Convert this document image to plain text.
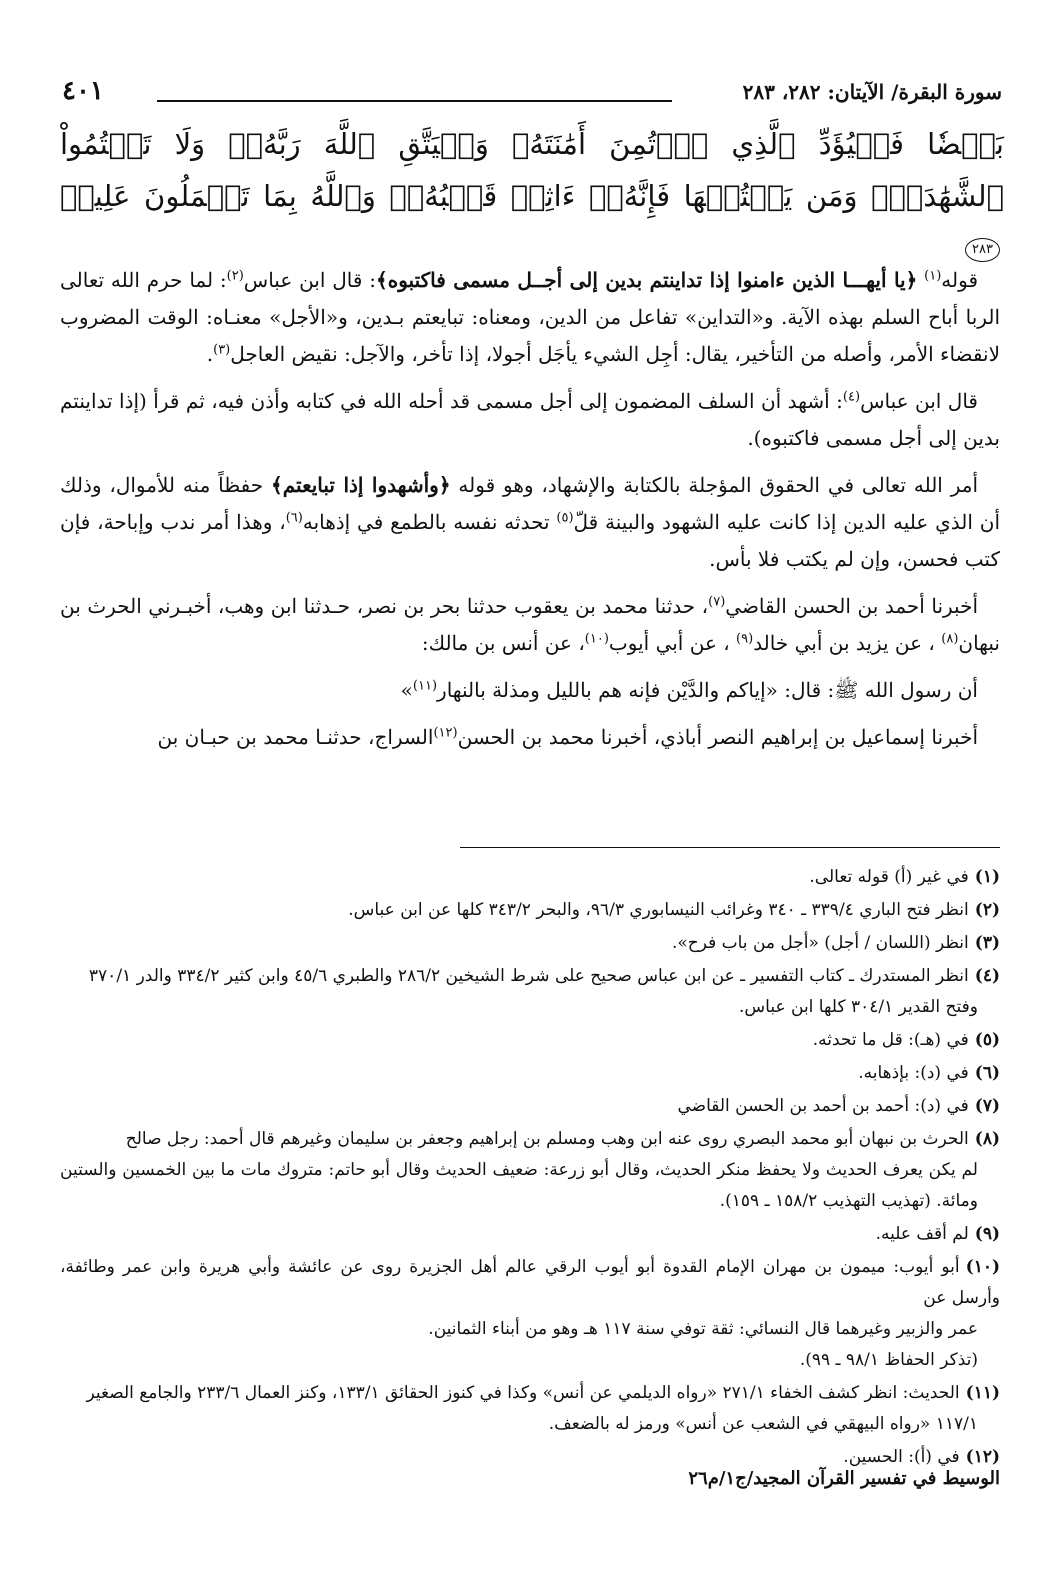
سورة البقرة/ الآيتان: ٢٨٢، ٢٨٣
٤٠١
بَعۡضٗا فَلۡيُؤَدِّ ٱلَّذِي ٱؤۡتُمِنَ أَمَٰنَتَهُۥ وَلۡيَتَّقِ ٱللَّهَ رَبَّهُۥۗ وَلَا تَكۡتُمُواْ ٱلشَّهَٰدَةَۚ وَمَن يَكۡتُمۡهَا فَإِنَّهُۥٓ ءَاثِمٞ قَلۡبُهُۥۗ وَٱللَّهُ بِمَا تَعۡمَلُونَ عَلِيمٞ ٢٨٣

قوله$^{(١)}$ ﴿يا أيهـــا الذين ءامنوا إذا تداينتم بدين إلى أجــل مسمى فاكتبوه﴾: قال ابن عباس$^{(٢)}$: لما حرم الله تعالى الربا أباح السلم بهذه الآية. و«التداين» تفاعل من الدين، ومعناه: تبايعتم بـدين، و«الأجل» معنـاه: الوقت المضروب لانقضاء الأمر، وأصله من التأخير، يقال: أجِل الشيء يأجَل أجولا، إذا تأخر، والآجل: نقيض العاجل$^{(٣)}$.

قال ابن عباس$^{(٤)}$: أشهد أن السلف المضمون إلى أجل مسمى قد أحله الله في كتابه وأذن فيه، ثم قرأ (إذا تداينتم بدين إلى أجل مسمى فاكتبوه).

أمر الله تعالى في الحقوق المؤجلة بالكتابة والإشهاد، وهو قوله ﴿وأشهدوا إذا تبايعتم﴾ حفظاً منه للأموال، وذلك أن الذي عليه الدين إذا كانت عليه الشهود والبينة قلّ$^{(٥)}$ تحدثه نفسه بالطمع في إذهابه$^{(٦)}$، وهذا أمر ندب وإباحة، فإن كتب فحسن، وإن لم يكتب فلا بأس.

أخبرنا أحمد بن الحسن القاضي$^{(٧)}$، حدثنا محمد بن يعقوب حدثنا بحر بن نصر، حـدثنا ابن وهب، أخبـرني الحرث بن نبهان$^{(٨)}$ ، عن يزيد بن أبي خالد$^{(٩)}$ ، عن أبي أيوب$^{(١٠)}$، عن أنس بن مالك:

أن رسول الله ﷺ: قال: «إياكم والدَّيْن فإنه هم بالليل ومذلة بالنهار$^{(١١)}$»

أخبرنا إسماعيل بن إبراهيم النصر أباذي، أخبرنا محمد بن الحسن$^{(١٢)}$السراج، حدثنـا محمد بن حبـان بن

(١)في غير (أ) قوله تعالى.
(٢)انظر فتح الباري ٣٣٩/٤ ـ ٣٤٠ وغرائب النيسابوري ٩٦/٣، والبحر ٣٤٣/٢ كلها عن ابن عباس.
(٣)انظر (اللسان / أجل) «أجل من باب فرح».
(٤)انظر المستدرك ـ كتاب التفسير ـ عن ابن عباس صحيح على شرط الشيخين ٢٨٦/٢ والطبري ٤٥/٦ وابن كثير ٣٣٤/٢ والدر ٣٧٠/١
وفتح القدير ٣٠٤/١ كلها ابن عباس.
(٥)في (هـ): قل ما تحدثه.
(٦)في (د): بإذهابه.
(٧)في (د): أحمد بن أحمد بن الحسن القاضي
(٨)الحرث بن نبهان أبو محمد البصري روى عنه ابن وهب ومسلم بن إبراهيم وجعفر بن سليمان وغيرهم قال أحمد: رجل صالح
لم يكن يعرف الحديث ولا يحفظ منكر الحديث، وقال أبو زرعة: ضعيف الحديث وقال أبو حاتم: متروك مات ما بين الخمسين والستين ومائة. (تهذيب التهذيب ١٥٨/٢ ـ ١٥٩).
(٩)لم أقف عليه.
(١٠)أبو أيوب: ميمون بن مهران الإمام القدوة أبو أيوب الرقي عالم أهل الجزيرة روى عن عائشة وأبي هريرة وابن عمر وطائفة، وأرسل عن
عمر والزبير وغيرهما قال النسائي: ثقة توفي سنة ١١٧ هـ وهو من أبناء الثمانين.
(تذكر الحفاظ ٩٨/١ ـ ٩٩).
(١١)الحديث: انظر كشف الخفاء ٢٧١/١ «رواه الديلمي عن أنس» وكذا في كنوز الحقائق ١٣٣/١، وكنز العمال ٢٣٣/٦ والجامع الصغير
١١٧/١ «رواه البيهقي في الشعب عن أنس» ورمز له بالضعف.
(١٢)في (أ): الحسين.
الوسيط في تفسير القرآن المجيد/ج١/م٢٦
